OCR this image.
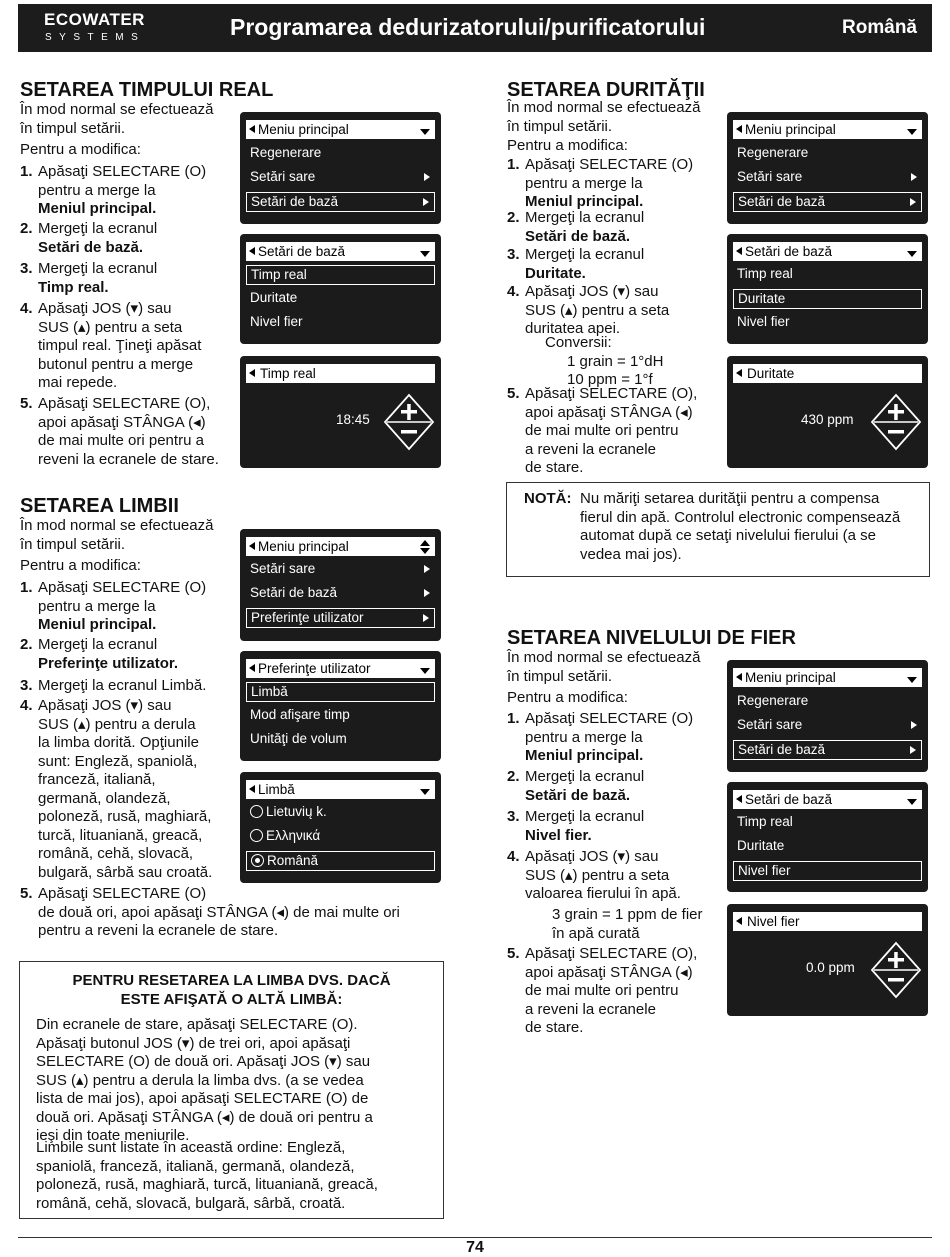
ECOWATER
SYSTEMS	Programarea dedurizatorului/purificatorului	Română
SETAREA TIMPULUI REAL
În mod normal se efectuează
în timpul setării.
Pentru a modifica:
1. Apăsaţi SELECTARE (O)
pentru a merge la
Meniul principal.
2. Mergeţi la ecranul
Setări de bază.
3. Mergeţi la ecranul
Timp real.
4. Apăsaţi JOS (▾) sau
SUS (▴) pentru a seta
timpul real. Ţineţi apăsat
butonul pentru a merge
mai repede.
5. Apăsaţi SELECTARE (O),
apoi apăsaţi STÂNGA (◂)
de mai multe ori pentru a
reveni la ecranele de stare.
Meniu principal
Regenerare
Setări sare
Setări de bază
Setări de bază
Timp real
Duritate
Nivel fier
Timp real
18:45
SETAREA LIMBII
În mod normal se efectuează
în timpul setării.
Pentru a modifica:
1. Apăsaţi SELECTARE (O)
pentru a merge la
Meniul principal.
2. Mergeţi la ecranul
Preferinţe utilizator.
3. Mergeţi la ecranul Limbă.
4. Apăsaţi JOS (▾) sau
SUS (▴) pentru a derula
la limba dorită. Opţiunile
sunt: Engleză, spaniolă,
franceză, italiană,
germană, olandeză,
poloneză, rusă, maghiară,
turcă, lituaniană, greacă,
română, cehă, slovacă,
bulgară, sârbă sau croată.
5. Apăsaţi SELECTARE (O)
de două ori, apoi apăsaţi STÂNGA (◂) de mai multe ori
pentru a reveni la ecranele de stare.
Meniu principal
Setări sare
Setări de bază
Preferinţe utilizator
Preferinţe utilizator
Limbă
Mod afişare timp
Unităţi de volum
Limbă
Lietuvių k.
Ελληνικά
Română
PENTRU RESETAREA LA LIMBA DVS. DACĂ
ESTE AFIŞATĂ O ALTĂ LIMBĂ:
Din ecranele de stare, apăsaţi SELECTARE (O).
Apăsaţi butonul JOS (▾) de trei ori, apoi apăsaţi
SELECTARE (O) de două ori. Apăsaţi JOS (▾) sau
SUS (▴) pentru a derula la limba dvs. (a se vedea
lista de mai jos), apoi apăsaţi SELECTARE (O) de
două ori. Apăsaţi STÂNGA (◂) de două ori pentru a
ieşi din toate meniurile.
Limbile sunt listate în această ordine: Engleză,
spaniolă, franceză, italiană, germană, olandeză,
poloneză, rusă, maghiară, turcă, lituaniană, greacă,
română, cehă, slovacă, bulgară, sârbă, croată.
SETAREA DURITĂŢII
În mod normal se efectuează
în timpul setării.
Pentru a modifica:
1. Apăsaţi SELECTARE (O)
pentru a merge la
Meniul principal.
2. Mergeţi la ecranul
Setări de bază.
3. Mergeţi la ecranul
Duritate.
4. Apăsaţi JOS (▾) sau
SUS (▴) pentru a seta
duritatea apei.
Conversii:
1 grain = 1°dH
10 ppm = 1°f
5. Apăsaţi SELECTARE (O),
apoi apăsaţi STÂNGA (◂)
de mai multe ori pentru
a reveni la ecranele
de stare.
Meniu principal
Regenerare
Setări sare
Setări de bază
Setări de bază
Timp real
Duritate
Nivel fier
Duritate
430 ppm
NOTĂ: Nu măriţi setarea durităţii pentru a compensa
fierul din apă. Controlul electronic compensează
automat după ce setaţi nivelului fierului (a se
vedea mai jos).
SETAREA NIVELULUI DE FIER
În mod normal se efectuează
în timpul setării.
Pentru a modifica:
1. Apăsaţi SELECTARE (O)
pentru a merge la
Meniul principal.
2. Mergeţi la ecranul
Setări de bază.
3. Mergeţi la ecranul
Nivel fier.
4. Apăsaţi JOS (▾) sau
SUS (▴) pentru a seta
valoarea fierului în apă.
3 grain = 1 ppm de fier
în apă curată
5. Apăsaţi SELECTARE (O),
apoi apăsaţi STÂNGA (◂)
de mai multe ori pentru
a reveni la ecranele
de stare.
Meniu principal
Regenerare
Setări sare
Setări de bază
Setări de bază
Timp real
Duritate
Nivel fier
Nivel fier
0.0 ppm
74
